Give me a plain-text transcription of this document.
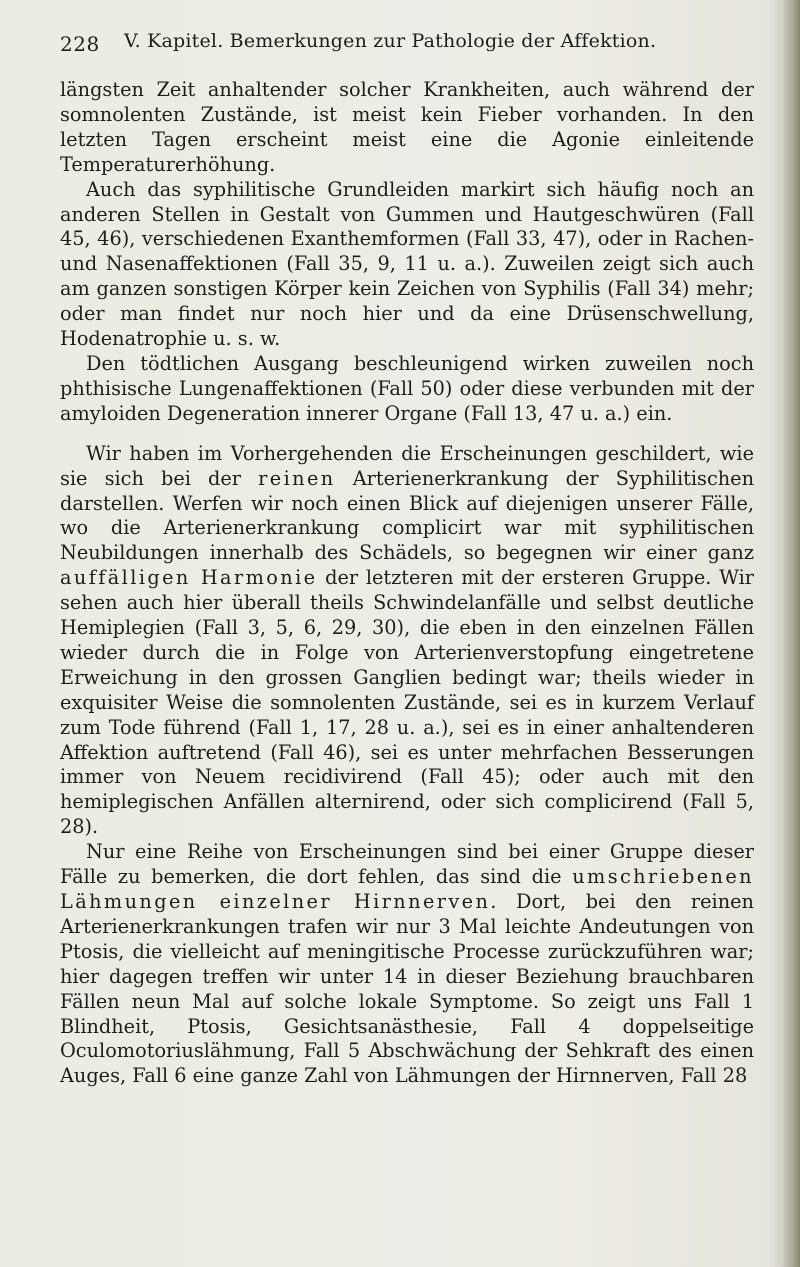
228 V. Kapitel. Bemerkungen zur Pathologie der Affektion.

längsten Zeit anhaltender solcher Krankheiten, auch während der somnolenten Zustände, ist meist kein Fieber vorhanden. In den letzten Tagen erscheint meist eine die Agonie einleitende Temperaturerhöhung.

Auch das syphilitische Grundleiden markirt sich häufig noch an anderen Stellen in Gestalt von Gummen und Hautgeschwüren (Fall 45, 46), verschiedenen Exanthemformen (Fall 33, 47), oder in Rachen- und Nasenaffektionen (Fall 35, 9, 11 u. a.). Zuweilen zeigt sich auch am ganzen sonstigen Körper kein Zeichen von Syphilis (Fall 34) mehr; oder man findet nur noch hier und da eine Drüsenschwellung, Hodenatrophie u. s. w.

Den tödtlichen Ausgang beschleunigend wirken zuweilen noch phthisische Lungenaffektionen (Fall 50) oder diese verbunden mit der amyloiden Degeneration innerer Organe (Fall 13, 47 u. a.) ein.

Wir haben im Vorhergehenden die Erscheinungen geschildert, wie sie sich bei der reinen Arterienerkrankung der Syphilitischen darstellen. Werfen wir noch einen Blick auf diejenigen unserer Fälle, wo die Arterienerkrankung complicirt war mit syphilitischen Neubildungen innerhalb des Schädels, so begegnen wir einer ganz auffälligen Harmonie der letzteren mit der ersteren Gruppe. Wir sehen auch hier überall theils Schwindelanfälle und selbst deutliche Hemiplegien (Fall 3, 5, 6, 29, 30), die eben in den einzelnen Fällen wieder durch die in Folge von Arterienverstopfung eingetretene Erweichung in den grossen Ganglien bedingt war; theils wieder in exquisiter Weise die somnolenten Zustände, sei es in kurzem Verlauf zum Tode führend (Fall 1, 17, 28 u. a.), sei es in einer anhaltenderen Affektion auftretend (Fall 46), sei es unter mehrfachen Besserungen immer von Neuem recidivirend (Fall 45); oder auch mit den hemiplegischen Anfällen alternirend, oder sich complicirend (Fall 5, 28).

Nur eine Reihe von Erscheinungen sind bei einer Gruppe dieser Fälle zu bemerken, die dort fehlen, das sind die umschriebenen Lähmungen einzelner Hirnnerven. Dort, bei den reinen Arterienerkrankungen trafen wir nur 3 Mal leichte Andeutungen von Ptosis, die vielleicht auf meningitische Processe zurückzuführen war; hier dagegen treffen wir unter 14 in dieser Beziehung brauchbaren Fällen neun Mal auf solche lokale Symptome. So zeigt uns Fall 1 Blindheit, Ptosis, Gesichtsanästhesie, Fall 4 doppelseitige Oculomotoriuslähmung, Fall 5 Abschwächung der Sehkraft des einen Auges, Fall 6 eine ganze Zahl von Lähmungen der Hirnnerven, Fall 28
